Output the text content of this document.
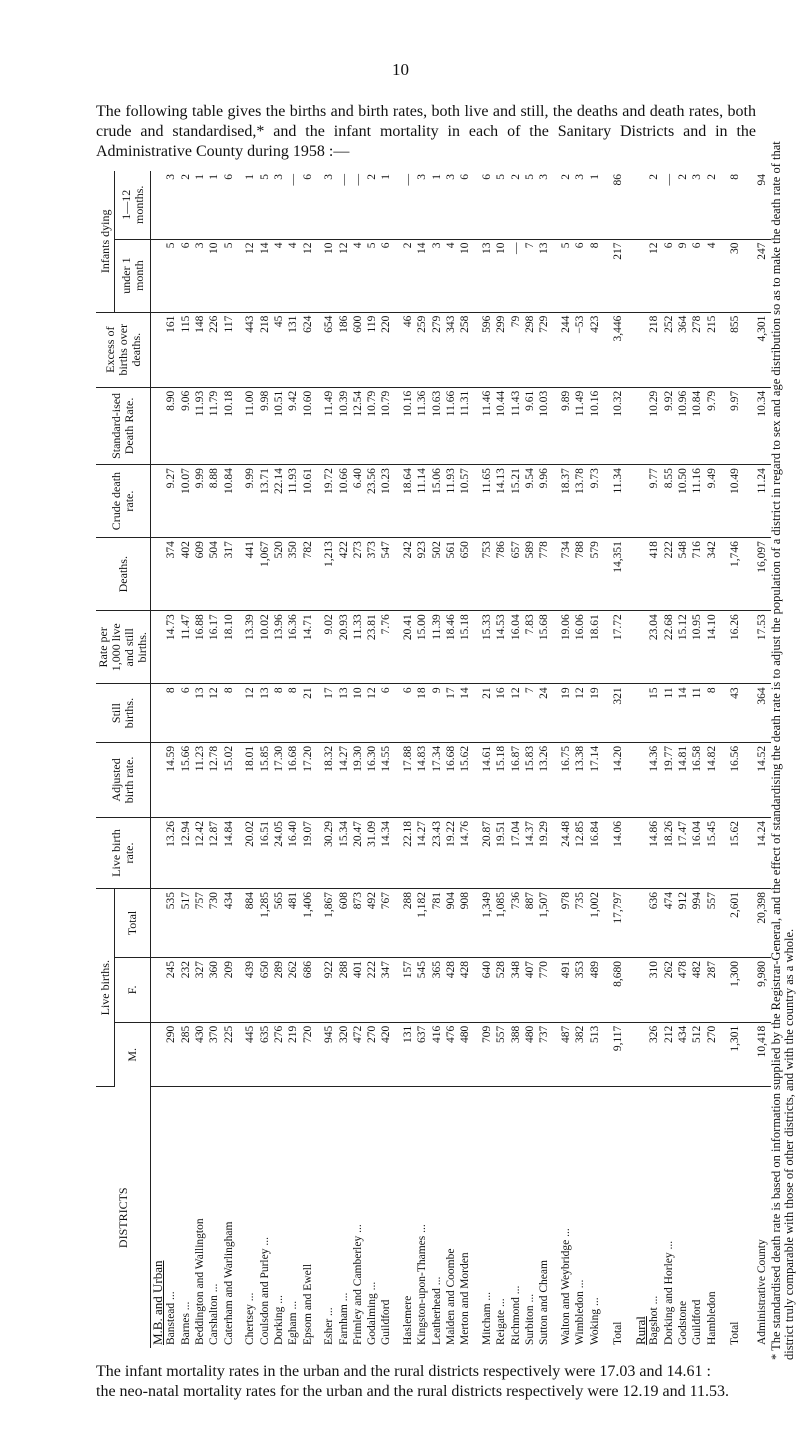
10
The following table gives the births and birth rates, both live and still, the deaths and death rates, both crude and standardised,* and the infant mortality in each of the Sanitary Districts and in the Administrative County during 1958 :—
DISTRICTS	Live births.			Live birth rate.	Adjusted birth rate.	Still births.	Rate per 1,000 live and still births.	Deaths.	Crude death rate.	Standard-ised Death Rate.	Excess of births over deaths.	Infants dying	
	M.	F.	Total									under 1 month	1—12 months.
M.B. and Urban													
Banstead ...	290	245	535	13.26	14.59	8	14.73	374	9.27	8.90	161	5	3
Barnes ...	285	232	517	12.94	15.66	6	11.47	402	10.07	9.06	115	6	2
Beddington and Wallington	430	327	757	12.42	11.23	13	16.88	609	9.99	11.93	148	3	1
Carshalton ...	370	360	730	12.87	12.78	12	16.17	504	8.88	11.79	226	10	1
Caterham and Warlingham	225	209	434	14.84	15.02	8	18.10	317	10.84	10.18	117	5	6
Chertsey ...	445	439	884	20.02	18.01	12	13.39	441	9.99	11.00	443	12	1
Coulsdon and Purley ...	635	650	1,285	16.51	15.85	13	10.02	1,067	13.71	9.98	218	14	5
Dorking ...	276	289	565	24.05	17.30	8	13.96	520	22.14	10.51	45	4	3
Egham ...	219	262	481	16.40	16.68	8	16.36	350	11.93	9.42	131	4	—
Epsom and Ewell	720	686	1,406	19.07	17.20	21	14.71	782	10.61	10.60	624	12	6
Esher ...	945	922	1,867	30.29	18.32	17	9.02	1,213	19.72	11.49	654	10	3
Farnham ...	320	288	608	15.34	14.27	13	20.93	422	10.66	10.39	186	12	—
Frimley and Camberley ...	472	401	873	20.47	19.30	10	11.33	273	6.40	12.54	600	4	—
Godalming ...	270	222	492	31.09	16.30	12	23.81	373	23.56	10.79	119	5	2
Guildford	420	347	767	14.34	14.55	6	7.76	547	10.23	10.79	220	6	1
Haslemere	131	157	288	22.18	17.88	6	20.41	242	18.64	10.16	46	2	—
Kingston-upon-Thames ...	637	545	1,182	14.27	14.83	18	15.00	923	11.14	11.36	259	14	3
Leatherhead ...	416	365	781	23.43	17.34	9	11.39	502	15.06	10.63	279	3	1
Malden and Coombe	476	428	904	19.22	16.68	17	18.46	561	11.93	11.66	343	4	3
Merton and Morden	480	428	908	14.76	15.62	14	15.18	650	10.57	11.31	258	10	6
Mitcham ...	709	640	1,349	20.87	14.61	21	15.33	753	11.65	11.46	596	13	6
Reigate ...	557	528	1,085	19.51	15.18	16	14.53	786	14.13	10.44	299	10	5
Richmond ...	388	348	736	17.04	16.87	12	16.04	657	15.21	11.43	79	—	2
Surbiton ...	480	407	887	14.37	15.83	7	7.83	589	9.54	9.61	298	7	5
Sutton and Cheam	737	770	1,507	19.29	13.26	24	15.68	778	9.96	10.03	729	13	3
Walton and Weybridge ...	487	491	978	24.48	16.75	19	19.06	734	18.37	9.89	244	5	2
Wimbledon ...	382	353	735	12.85	13.38	12	16.06	788	13.78	11.49	−53	6	3
Woking ...	513	489	1,002	16.84	17.14	19	18.61	579	9.73	10.16	423	8	1
Total	9,117	8,680	17,797	14.06	14.20	321	17.72	14,351	11.34	10.32	3,446	217	86
Rural													
Bagshot ...	326	310	636	14.86	14.36	15	23.04	418	9.77	10.29	218	12	2
Dorking and Horley ...	212	262	474	18.26	19.77	11	22.68	222	8.55	9.92	252	6	—
Godstone	434	478	912	17.47	14.81	14	15.12	548	10.50	10.96	364	9	2
Guildford	512	482	994	16.04	16.58	11	10.95	716	11.16	10.84	278	6	3
Hambledon	270	287	557	15.45	14.82	8	14.10	342	9.49	9.79	215	4	2
Total	1,301	1,300	2,601	15.62	16.56	43	16.26	1,746	10.49	9.97	855	30	8
Administrative County	10,418	9,980	20,398	14.24	14.52	364	17.53	16,097	11.24	10.34	4,301	247	94 * The standardised death rate is based on information supplied by the Registrar-General, and the effect of standardising the death rate is to adjust the population of a district in regard to sex and age distribution so as to make the death rate of that district truly comparable with those of other districts, and with the country as a whole.

The infant mortality rates in the urban and the rural districts respectively were 17.03 and 14.61 :

the neo-natal mortality rates for the urban and the rural districts respectively were 12.19 and 11.53.
